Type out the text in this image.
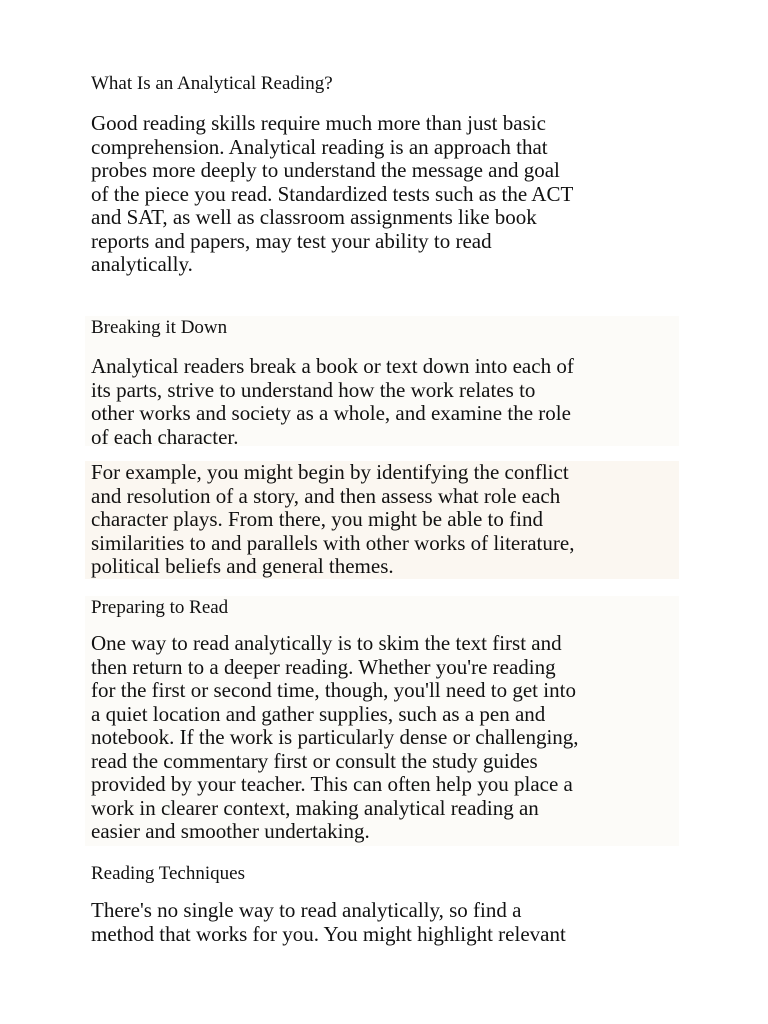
What Is an Analytical Reading?

Good reading skills require much more than just basic
comprehension. Analytical reading is an approach that
probes more deeply to understand the message and goal
of the piece you read. Standardized tests such as the ACT
and SAT, as well as classroom assignments like book
reports and papers, may test your ability to read
analytically.

Breaking it Down

Analytical readers break a book or text down into each of
its parts, strive to understand how the work relates to
other works and society as a whole, and examine the role
of each character.

For example, you might begin by identifying the conflict
and resolution of a story, and then assess what role each
character plays. From there, you might be able to find
similarities to and parallels with other works of literature,
political beliefs and general themes.

Preparing to Read

One way to read analytically is to skim the text first and
then return to a deeper reading. Whether you're reading
for the first or second time, though, you'll need to get into
a quiet location and gather supplies, such as a pen and
notebook. If the work is particularly dense or challenging,
read the commentary first or consult the study guides
provided by your teacher. This can often help you place a
work in clearer context, making analytical reading an
easier and smoother undertaking.

Reading Techniques

There's no single way to read analytically, so find a
method that works for you. You might highlight relevant
